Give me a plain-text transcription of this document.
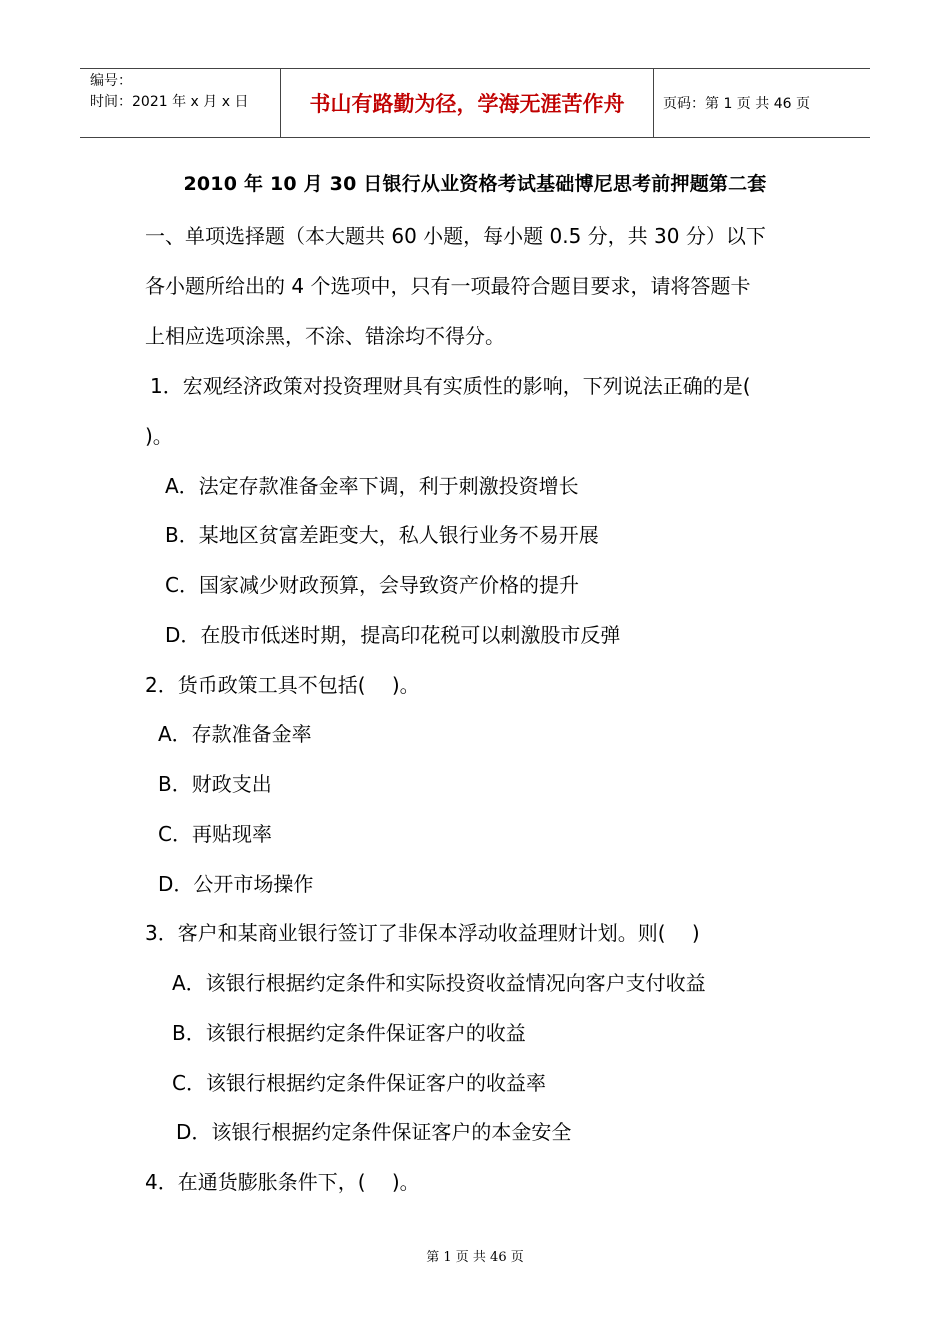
编号：
时间：2021 年 x 月 x 日	书山有路勤为径，学海无涯苦作舟	页码：第 1 页 共 46 页
2010 年 10 月 30 日银行从业资格考试基础博尼思考前押题第二套
一、单项选择题（本大题共 60 小题，每小题 0.5 分，共 30 分）以下
各小题所给出的 4 个选项中，只有一项最符合题目要求，请将答题卡
上相应选项涂黑，不涂、错涂均不得分。
1．宏观经济政策对投资理财具有实质性的影响，下列说法正确的是(
)。
A．法定存款准备金率下调，利于刺激投资增长
B．某地区贫富差距变大，私人银行业务不易开展
C．国家减少财政预算，会导致资产价格的提升
D．在股市低迷时期，提高印花税可以刺激股市反弹
2．货币政策工具不包括(　 )。
A．存款准备金率
B．财政支出
C．再贴现率
D．公开市场操作
3．客户和某商业银行签订了非保本浮动收益理财计划。则(　 )
A．该银行根据约定条件和实际投资收益情况向客户支付收益
B．该银行根据约定条件保证客户的收益
C．该银行根据约定条件保证客户的收益率
D．该银行根据约定条件保证客户的本金安全
4．在通货膨胀条件下，(　 )。
第 1 页 共 46 页
